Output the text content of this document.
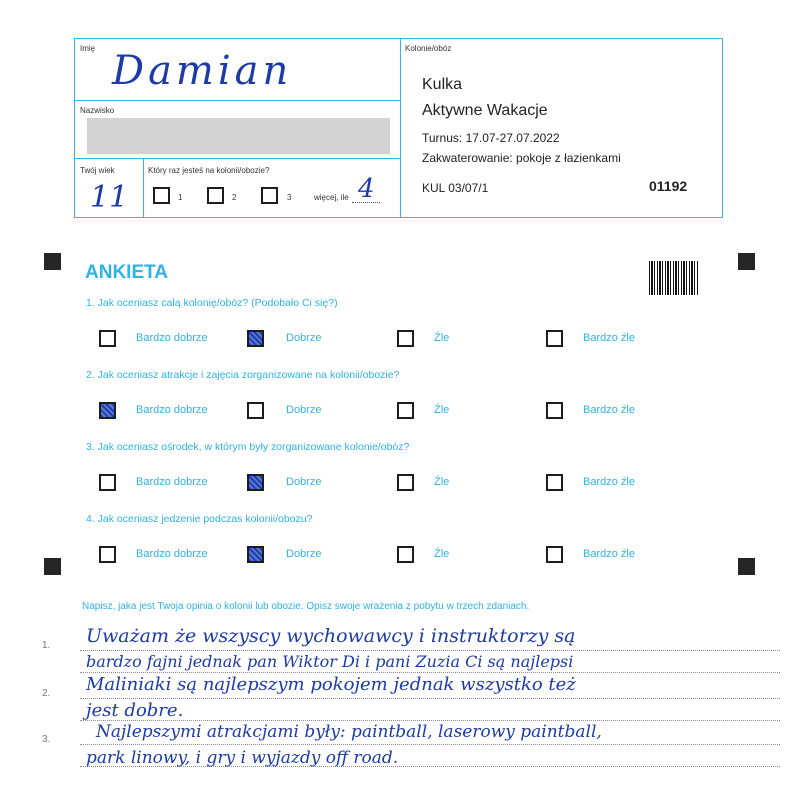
Imię Damian
Nazwisko
Twój wiek
11
Który raz jesteś na kolonii/obozie?
1	2	3	więcej, ile 4
Kolonie/obóz
Kulka
Aktywne Wakacje
Turnus: 17.07-27.07.2022
Zakwaterowanie: pokoje z łazienkami
KUL 03/07/1	01192
ANKIETA
1. Jak oceniasz całą kolonię/obóz? (Podobało Ci się?)
Bardzo dobrze	Dobrze	Źle	Bardzo źle
2. Jak oceniasz atrakcje i zajęcia zorganizowane na kolonii/obozie?
Bardzo dobrze	Dobrze	Źle	Bardzo źle
3. Jak oceniasz ośrodek, w którym były zorganizowane kolonie/obóz?
Bardzo dobrze	Dobrze	Źle	Bardzo źle
4. Jak oceniasz jedzenie podczas kolonii/obozu?
Bardzo dobrze	Dobrze	Źle	Bardzo źle
Napisz, jaka jest Twoja opinia o kolonii lub obozie. Opisz swoje wrażenia z pobytu w trzech zdaniach.
1.
2.
3.
Uważam że wszyscy wychowawcy i instruktorzy są
bardzo fajni jednak pan Wiktor Di i pani Zuzia Ci są najlepsi
Maliniaki są najlepszym pokojem jednak wszystko też
jest dobre.
Najlepszymi atrakcjami były: paintball, laserowy paintball,
park linowy, i gry i wyjazdy off road.
